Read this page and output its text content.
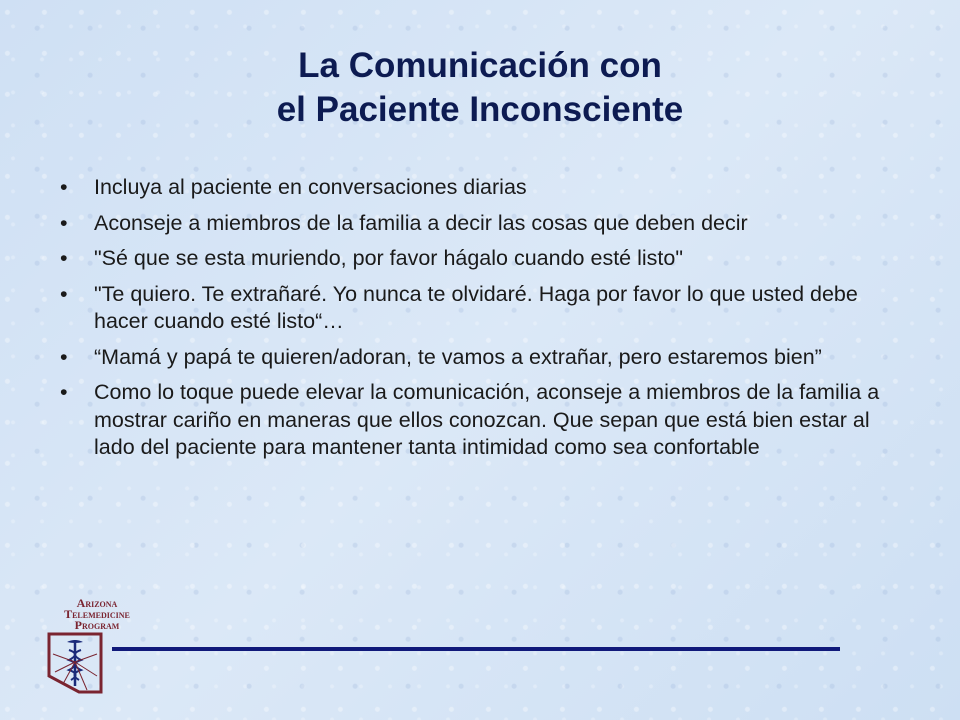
La Comunicación con
el Paciente Inconsciente
• Incluya al paciente en conversaciones diarias
• Aconseje a miembros de la familia a decir las cosas que deben decir
• "Sé que se esta muriendo, por favor hágalo cuando esté listo"
• "Te quiero. Te extrañaré. Yo nunca te olvidaré. Haga por favor lo que usted debe hacer cuando esté listo“…
• “Mamá y papá te quieren/adoran, te vamos a extrañar, pero estaremos bien”
• Como lo toque puede elevar la comunicación, aconseje a miembros de la familia a mostrar cariño en maneras que ellos conozcan. Que sepan que está bien estar al lado del paciente para mantener tanta intimidad como sea confortable
Arizona
Telemedicine
Program
